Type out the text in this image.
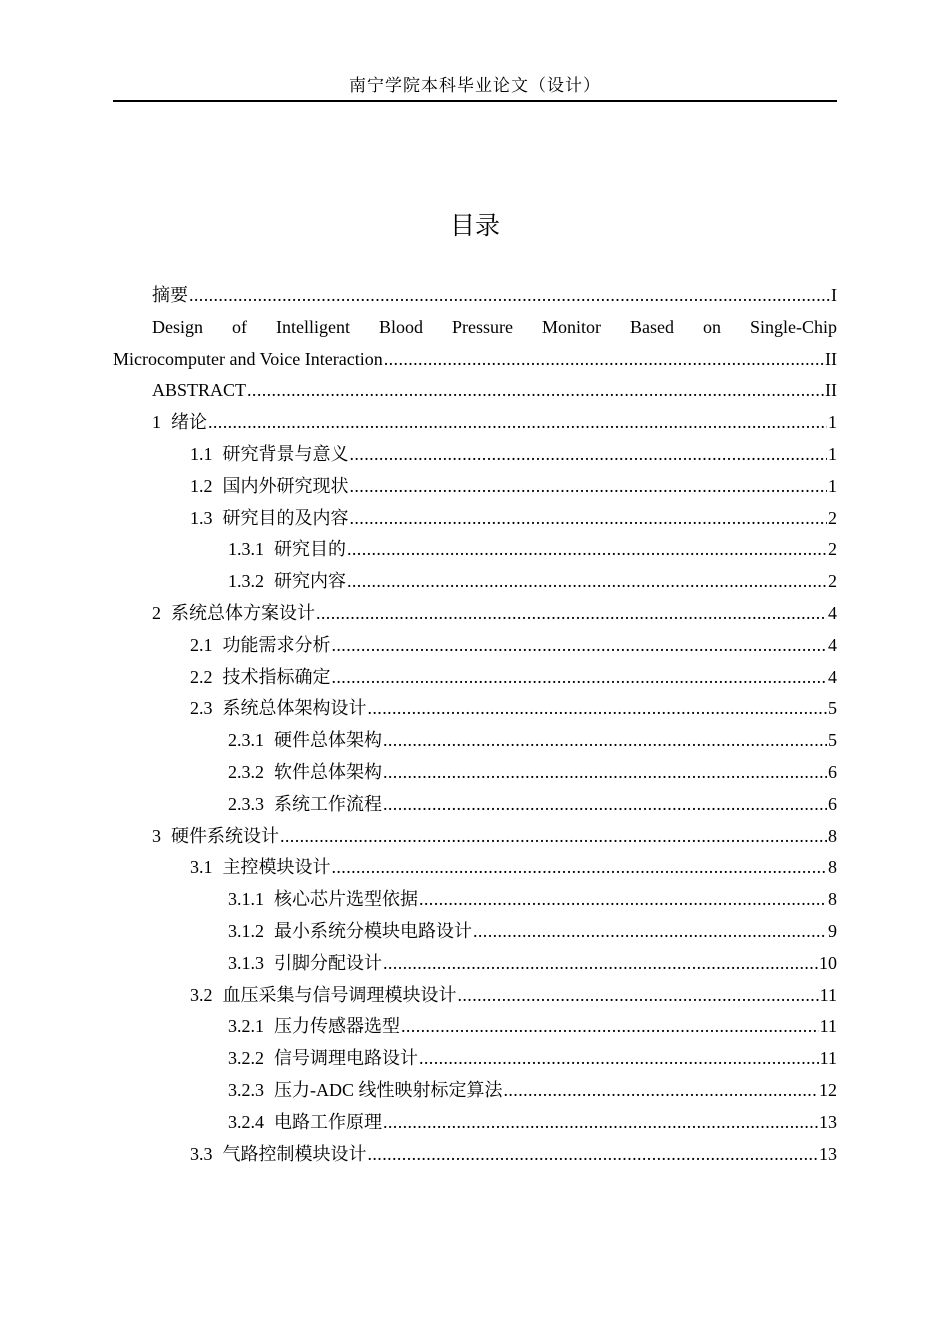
南宁学院本科毕业论文（设计）
目录
摘要 .....	I
Design of Intelligent Blood Pressure Monitor Based on Single-Chip
Microcomputer and Voice Interaction .....	II
ABSTRACT .....	II
1 绪论 .....	1
1.1 研究背景与意义 .....	1
1.2 国内外研究现状 .....	1
1.3 研究目的及内容 .....	2
1.3.1 研究目的 .....	2
1.3.2 研究内容 .....	2
2 系统总体方案设计 .....	4
2.1 功能需求分析 .....	4
2.2 技术指标确定 .....	4
2.3 系统总体架构设计 .....	5
2.3.1 硬件总体架构 .....	5
2.3.2 软件总体架构 .....	6
2.3.3 系统工作流程 .....	6
3 硬件系统设计 .....	8
3.1 主控模块设计 .....	8
3.1.1 核心芯片选型依据 .....	8
3.1.2 最小系统分模块电路设计 .....	9
3.1.3 引脚分配设计 .....	10
3.2 血压采集与信号调理模块设计 .....	11
3.2.1 压力传感器选型 .....	11
3.2.2 信号调理电路设计 .....	11
3.2.3 压力-ADC 线性映射标定算法 .....	12
3.2.4 电路工作原理 .....	13
3.3 气路控制模块设计 .....	13
